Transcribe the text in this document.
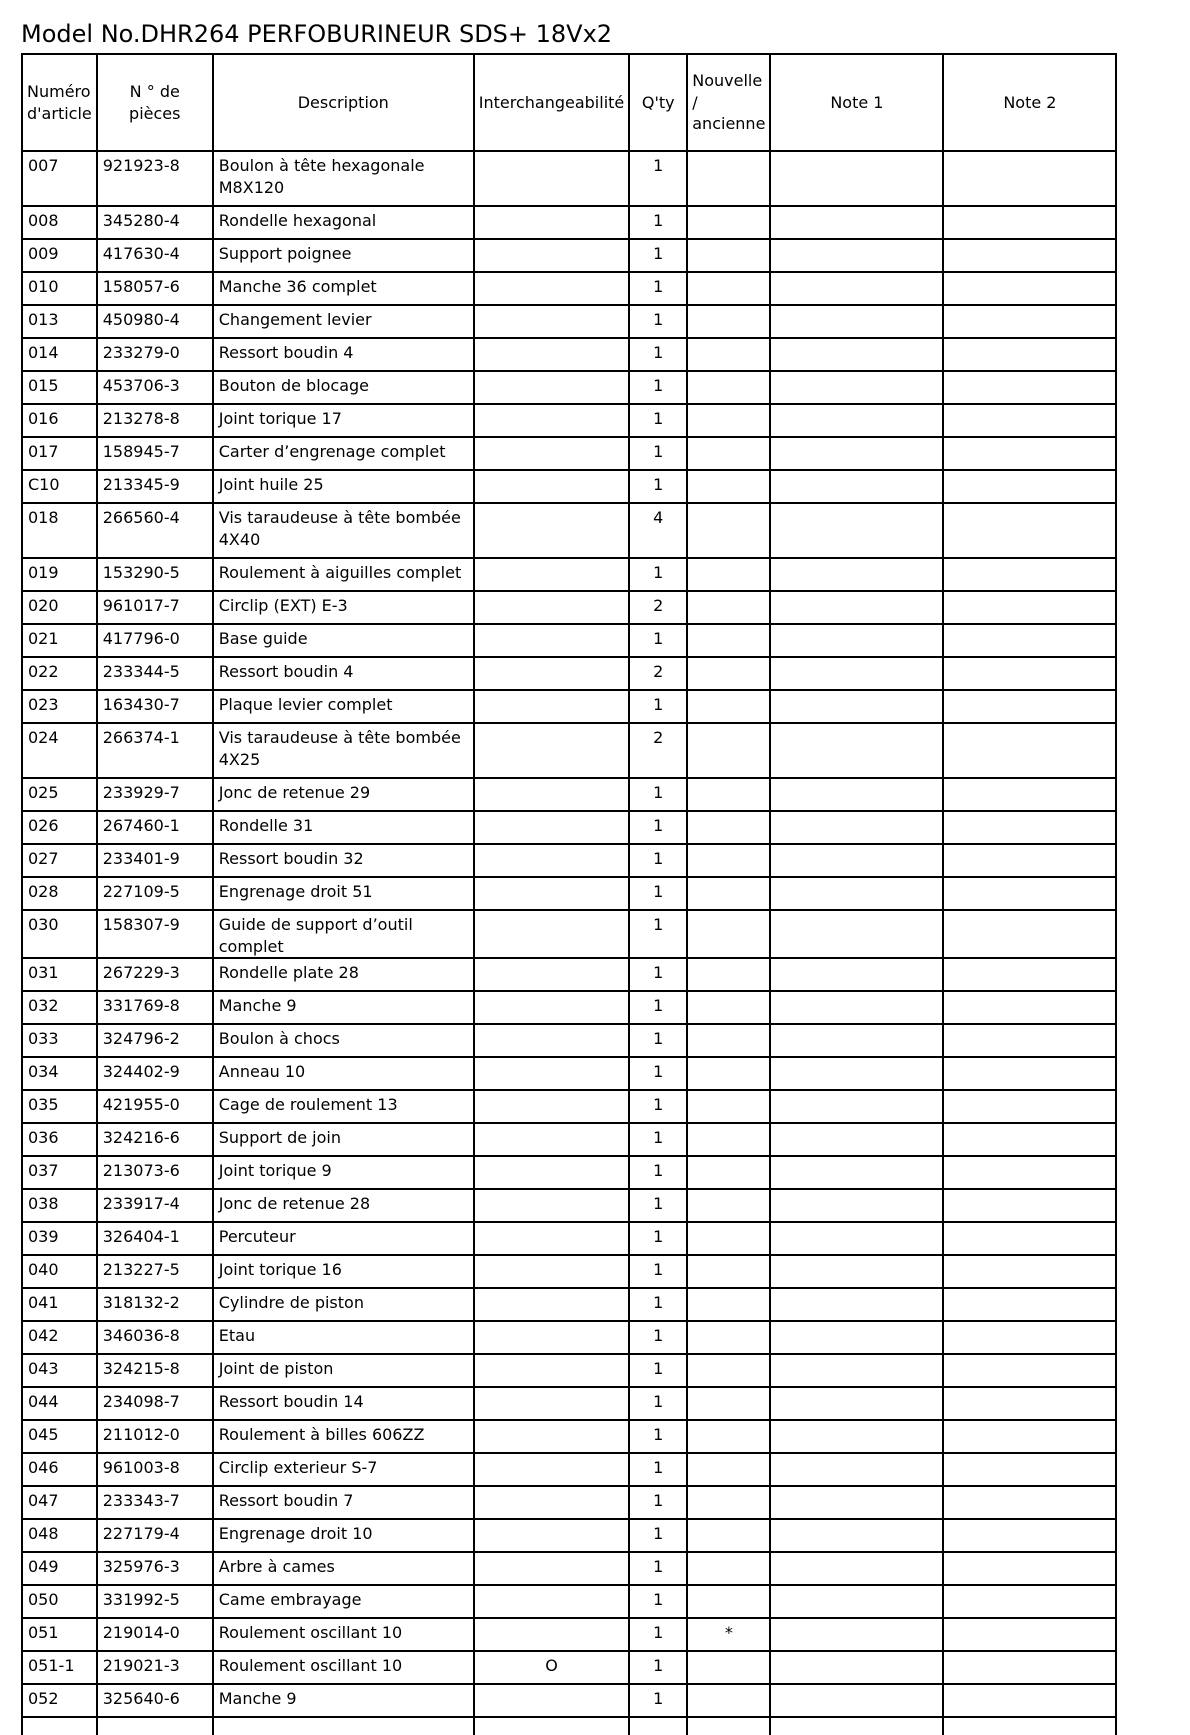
Model No.DHR264 PERFOBURINEUR SDS+ 18Vx2
Numéro d'article	N ° de pièces	Description	Interchangeabilité	Q'ty	Nouvelle / ancienne	Note 1	Note 2
007	921923-8	Boulon à tête hexagonale M8X120		1			
008	345280-4	Rondelle hexagonal		1			
009	417630-4	Support poignee		1			
010	158057-6	Manche 36 complet		1			
013	450980-4	Changement levier		1			
014	233279-0	Ressort boudin 4		1			
015	453706-3	Bouton de blocage		1			
016	213278-8	Joint torique 17		1			
017	158945-7	Carter d’engrenage complet		1			
C10	213345-9	Joint huile 25		1			
018	266560-4	Vis taraudeuse à tête bombée 4X40		4			
019	153290-5	Roulement à aiguilles complet		1			
020	961017-7	Circlip (EXT) E-3		2			
021	417796-0	Base guide		1			
022	233344-5	Ressort boudin 4		2			
023	163430-7	Plaque levier complet		1			
024	266374-1	Vis taraudeuse à tête bombée 4X25		2			
025	233929-7	Jonc de retenue 29		1			
026	267460-1	Rondelle 31		1			
027	233401-9	Ressort boudin 32		1			
028	227109-5	Engrenage droit 51		1			
030	158307-9	Guide de support d’outil complet		1			
031	267229-3	Rondelle plate 28		1			
032	331769-8	Manche 9		1			
033	324796-2	Boulon à chocs		1			
034	324402-9	Anneau 10		1			
035	421955-0	Cage de roulement 13		1			
036	324216-6	Support de join		1			
037	213073-6	Joint torique 9		1			
038	233917-4	Jonc de retenue 28		1			
039	326404-1	Percuteur		1			
040	213227-5	Joint torique 16		1			
041	318132-2	Cylindre de piston		1			
042	346036-8	Etau		1			
043	324215-8	Joint de piston		1			
044	234098-7	Ressort boudin 14		1			
045	211012-0	Roulement à billes 606ZZ		1			
046	961003-8	Circlip exterieur S-7		1			
047	233343-7	Ressort boudin 7		1			
048	227179-4	Engrenage droit 10		1			
049	325976-3	Arbre à cames		1			
050	331992-5	Came embrayage		1			
051	219014-0	Roulement oscillant 10		1	*		
051-1	219021-3	Roulement oscillant 10	O	1			
052	325640-6	Manche 9		1			
